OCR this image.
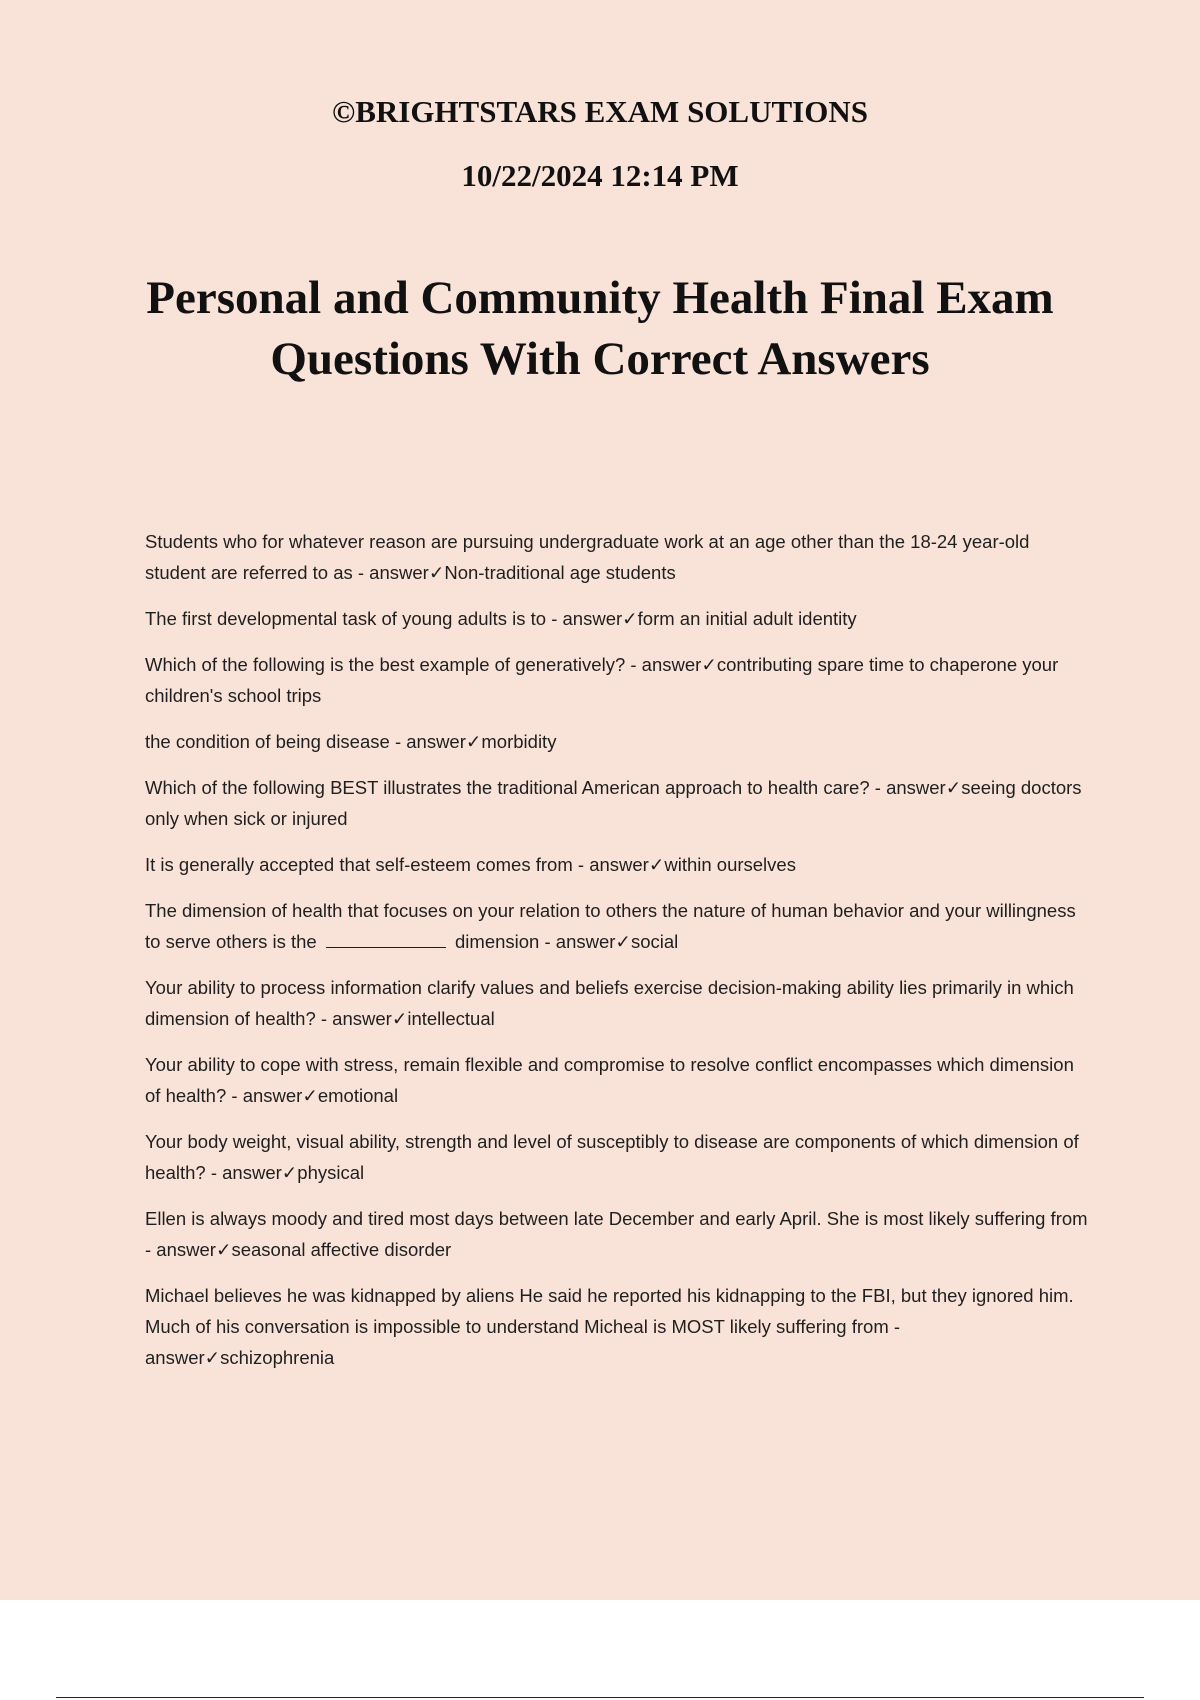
©BRIGHTSTARS EXAM SOLUTIONS
10/22/2024 12:14 PM
Personal and Community Health Final Exam Questions With Correct Answers

Students who for whatever reason are pursuing undergraduate work at an age other than the 18-24 year-old student are referred to as - answer✓Non-traditional age students

The first developmental task of young adults is to - answer✓form an initial adult identity

Which of the following is the best example of generatively? - answer✓contributing spare time to chaperone your children's school trips

the condition of being disease - answer✓morbidity

Which of the following BEST illustrates the traditional American approach to health care? - answer✓seeing doctors only when sick or injured

It is generally accepted that self-esteem comes from - answer✓within ourselves

The dimension of health that focuses on your relation to others the nature of human behavior and your willingness to serve others is the	dimension - answer✓social

Your ability to process information clarify values and beliefs exercise decision-making ability lies primarily in which dimension of health? - answer✓intellectual

Your ability to cope with stress, remain flexible and compromise to resolve conflict encompasses which dimension of health? - answer✓emotional

Your body weight, visual ability, strength and level of susceptibly to disease are components of which dimension of health? - answer✓physical

Ellen is always moody and tired most days between late December and early April. She is most likely suffering from - answer✓seasonal affective disorder

Michael believes he was kidnapped by aliens He said he reported his kidnapping to the FBI, but they ignored him. Much of his conversation is impossible to understand Micheal is MOST likely suffering from - answer✓schizophrenia
